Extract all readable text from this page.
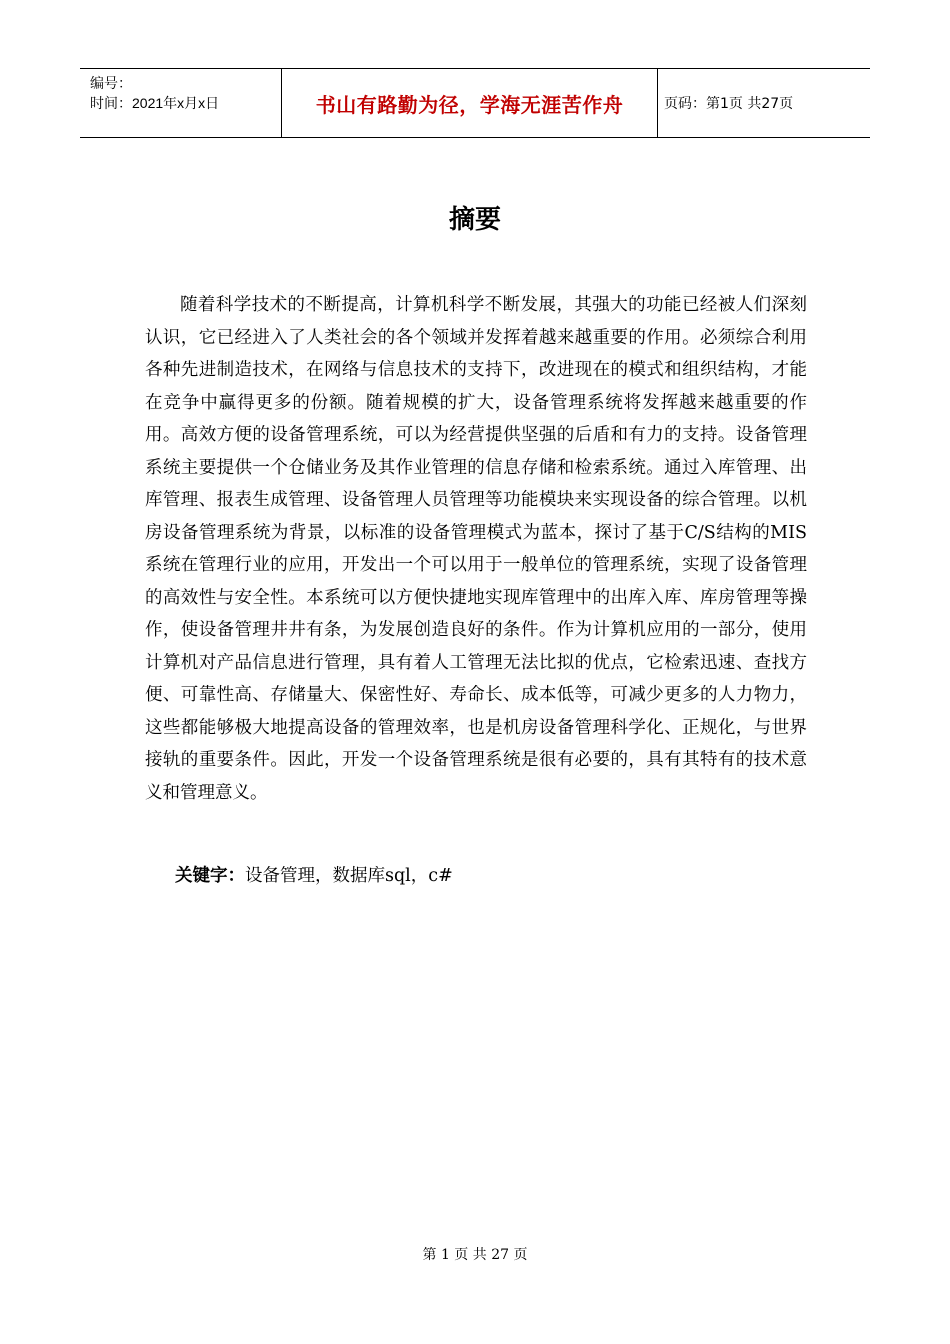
编号：
时间：2021年x月x日	书山有路勤为径，学海无涯苦作舟	页码：第1页 共27页
摘要

随着科学技术的不断提高，计算机科学不断发展，其强大的功能已经被人们深刻认识，它已经进入了人类社会的各个领域并发挥着越来越重要的作用。必须综合利用各种先进制造技术，在网络与信息技术的支持下，改进现在的模式和组织结构，才能在竞争中赢得更多的份额。随着规模的扩大，设备管理系统将发挥越来越重要的作用。高效方便的设备管理系统，可以为经营提供坚强的后盾和有力的支持。设备管理系统主要提供一个仓储业务及其作业管理的信息存储和检索系统。通过入库管理、出库管理、报表生成管理、设备管理人员管理等功能模块来实现设备的综合管理。以机房设备管理系统为背景，以标准的设备管理模式为蓝本，探讨了基于C/S结构的MIS系统在管理行业的应用，开发出一个可以用于一般单位的管理系统，实现了设备管理的高效性与安全性。本系统可以方便快捷地实现库管理中的出库入库、库房管理等操作，使设备管理井井有条，为发展创造良好的条件。作为计算机应用的一部分，使用计算机对产品信息进行管理，具有着人工管理无法比拟的优点，它检索迅速、查找方便、可靠性高、存储量大、保密性好、寿命长、成本低等，可减少更多的人力物力，这些都能够极大地提高设备的管理效率，也是机房设备管理科学化、正规化，与世界接轨的重要条件。因此，开发一个设备管理系统是很有必要的，具有其特有的技术意义和管理意义。

关键字：设备管理，数据库sql，c#
第 1 页 共 27 页
